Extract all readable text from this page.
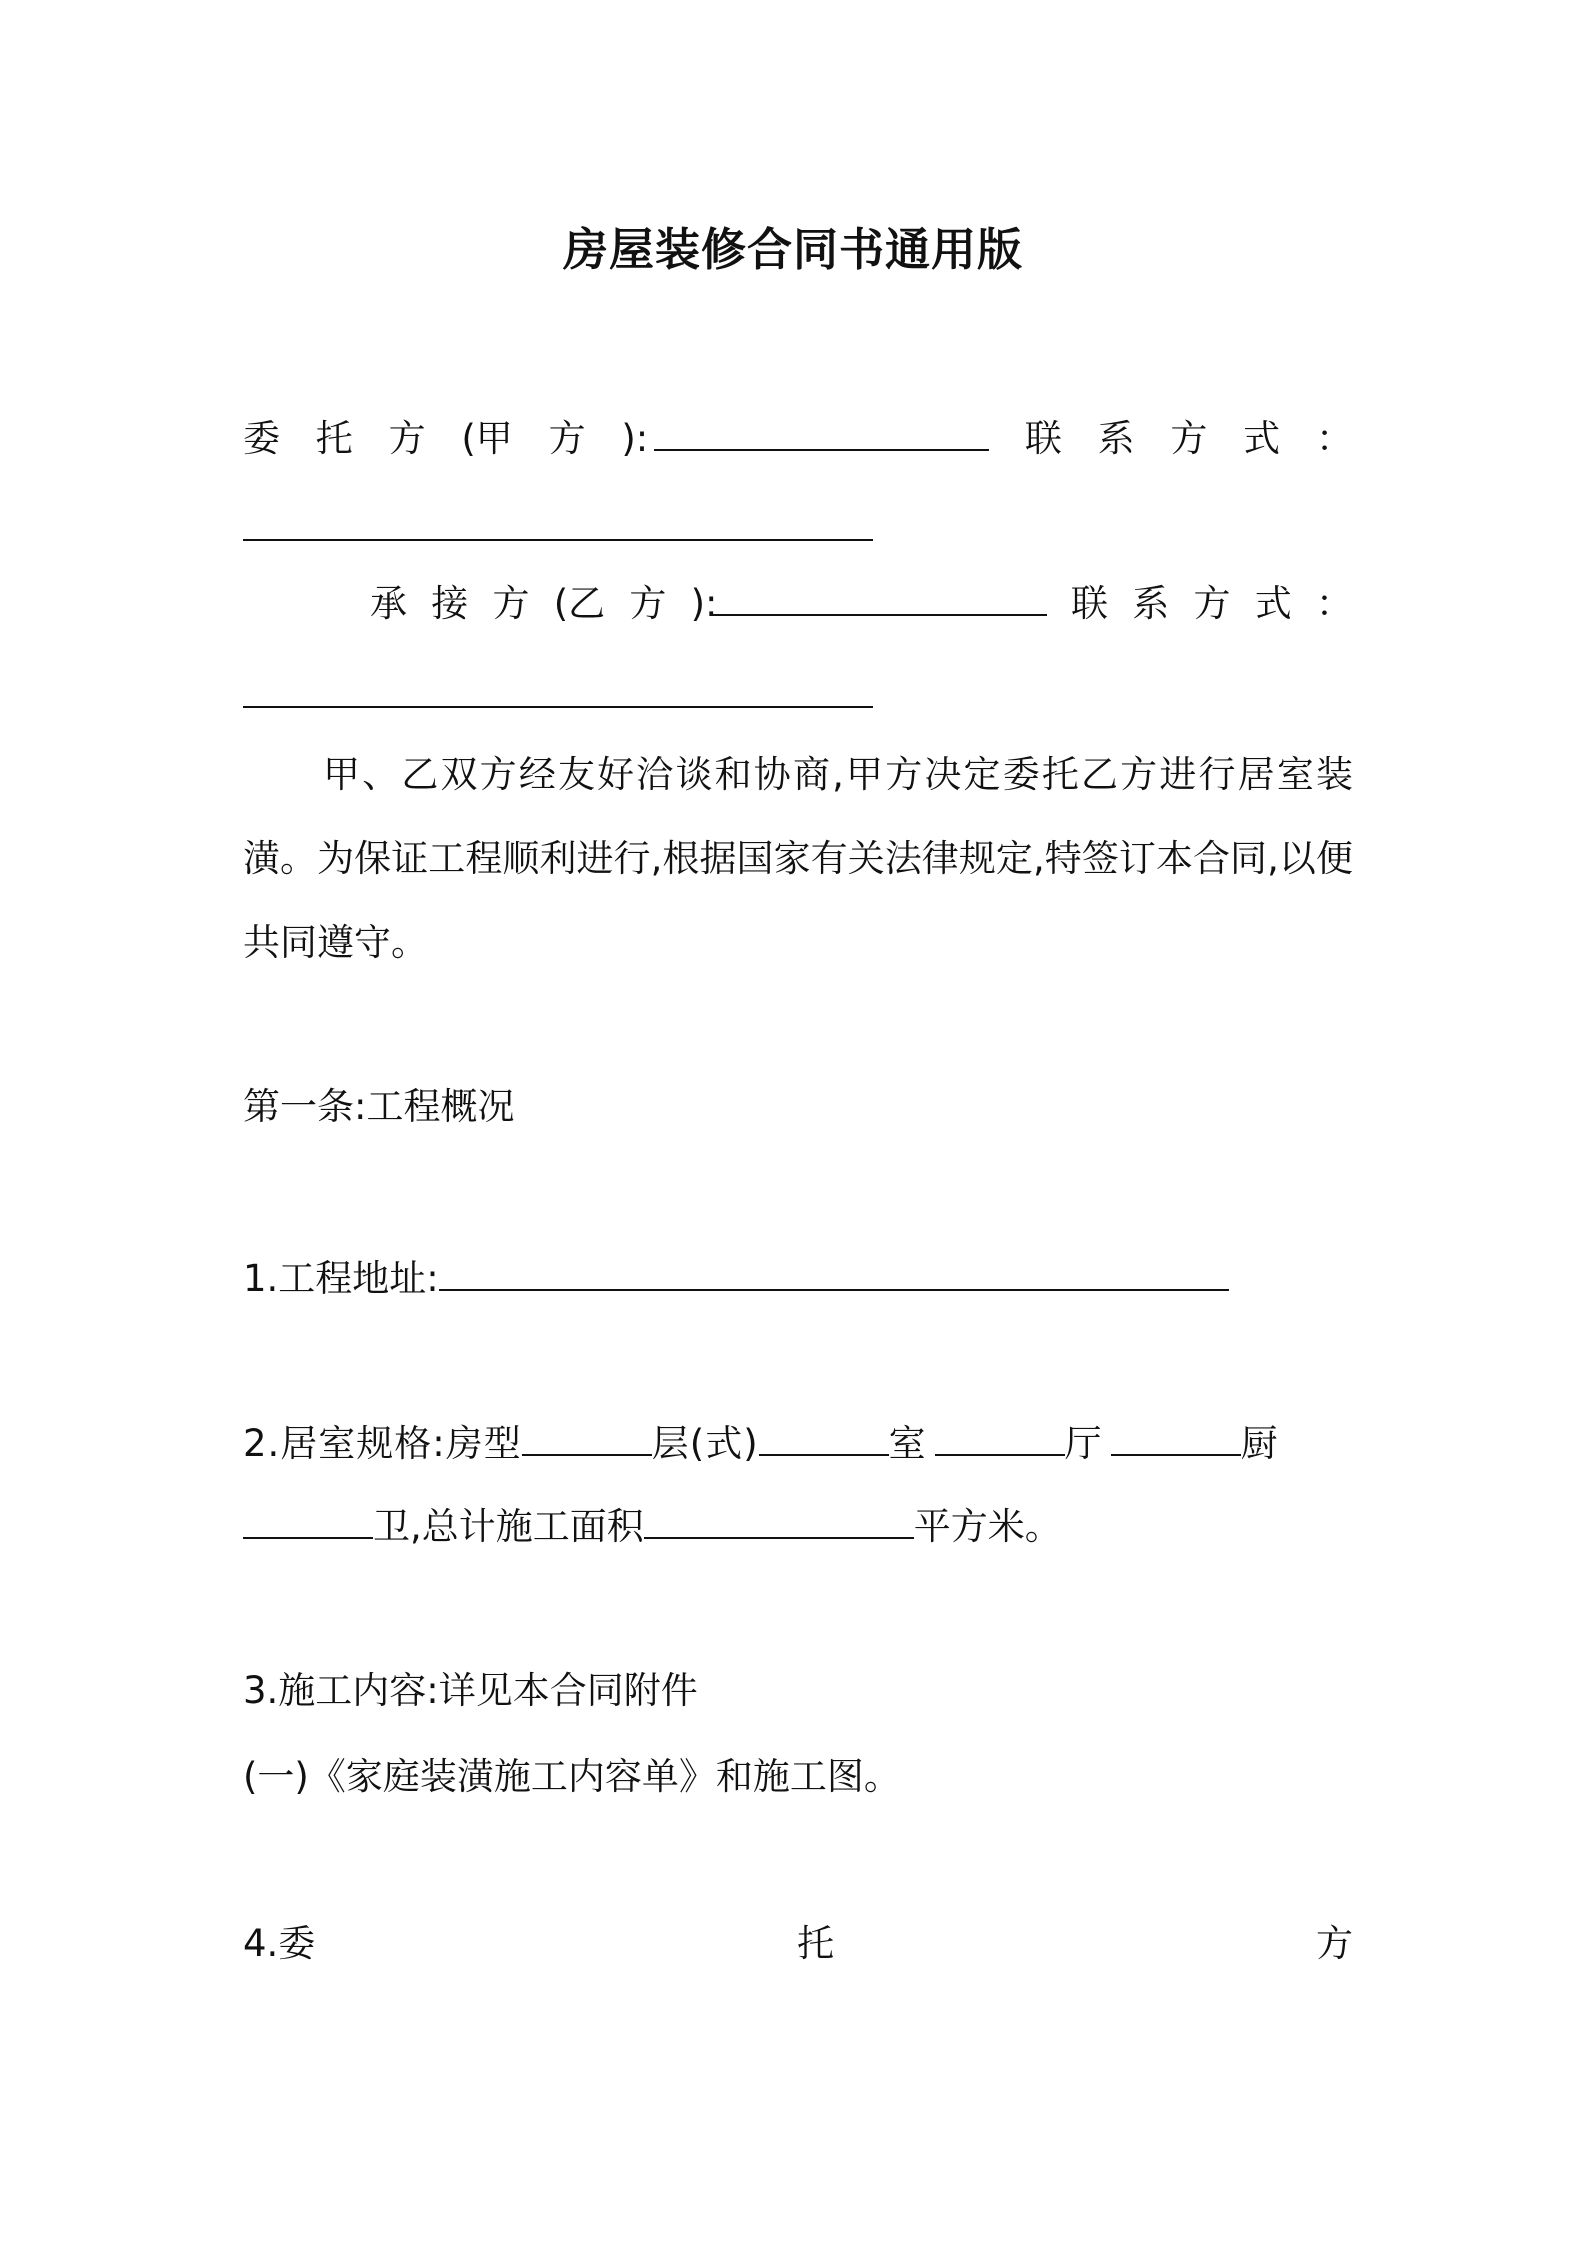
房屋装修合同书通用版
委 托 方 (甲 方 ):	联 系 方 式 ：
承 接 方 (乙 方 ):	联 系 方 式 ：
甲、乙双方经友好洽谈和协商,甲方决定委托乙方进行居室装潢。为保证工程顺利进行,根据国家有关法律规定,特签订本合同,以便共同遵守。
第一条:工程概况
1.工程地址:
2.居室规格:房型	层(式)	室	厅	厨
卫,总计施工面积	平方米。
3.施工内容:详见本合同附件
(一)《家庭装潢施工内容单》和施工图。
4.委	托	方
